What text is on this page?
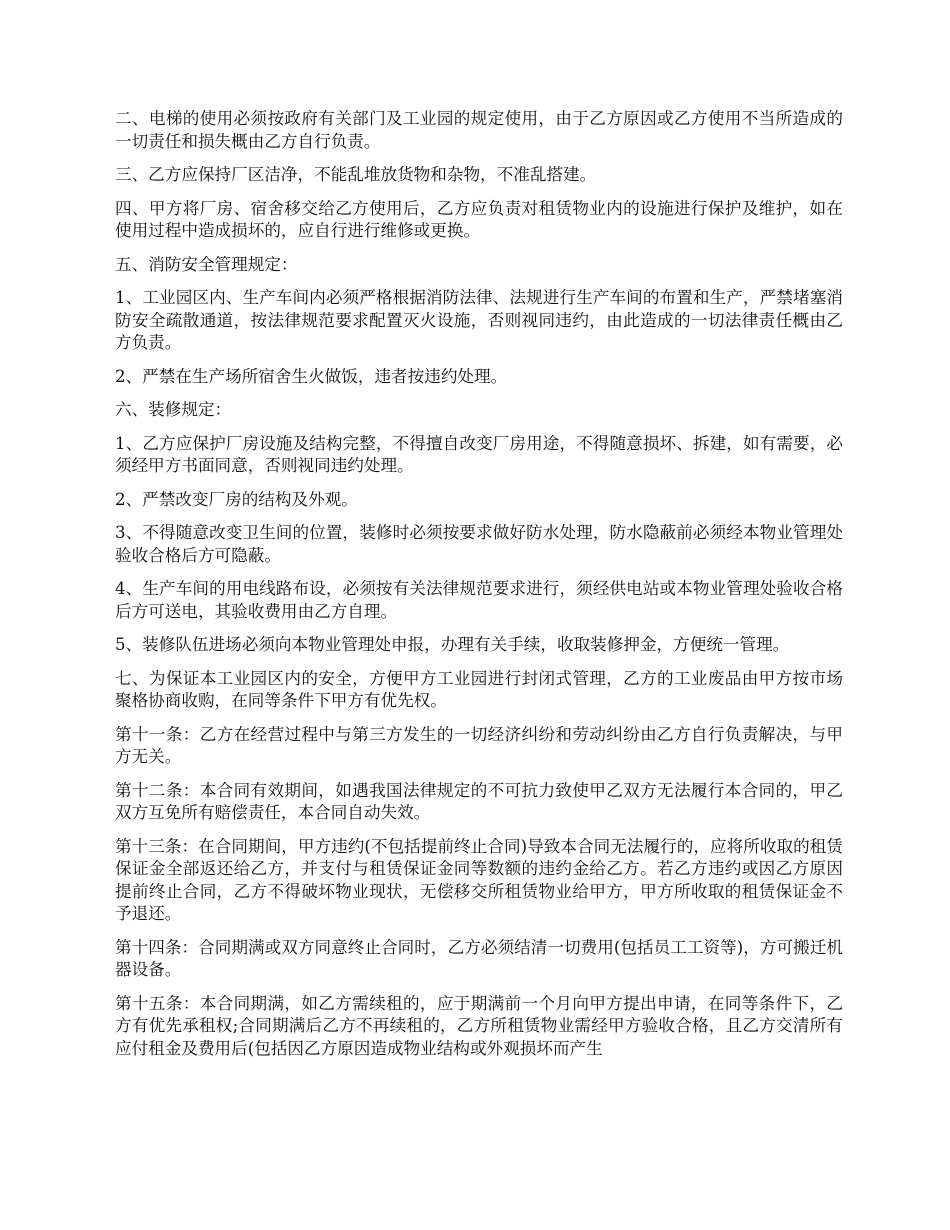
二、电梯的使用必须按政府有关部门及工业园的规定使用，由于乙方原因或乙方使用不当所造成的一切责任和损失概由乙方自行负责。

三、乙方应保持厂区洁净，不能乱堆放货物和杂物，不准乱搭建。

四、甲方将厂房、宿舍移交给乙方使用后，乙方应负责对租赁物业内的设施进行保护及维护，如在使用过程中造成损坏的，应自行进行维修或更换。

五、消防安全管理规定：

1、工业园区内、生产车间内必须严格根据消防法律、法规进行生产车间的布置和生产，严禁堵塞消防安全疏散通道，按法律规范要求配置灭火设施，否则视同违约，由此造成的一切法律责任概由乙方负责。

2、严禁在生产场所宿舍生火做饭，违者按违约处理。

六、装修规定：

1、乙方应保护厂房设施及结构完整，不得擅自改变厂房用途，不得随意损坏、拆建，如有需要，必须经甲方书面同意，否则视同违约处理。

2、严禁改变厂房的结构及外观。

3、不得随意改变卫生间的位置，装修时必须按要求做好防水处理，防水隐蔽前必须经本物业管理处验收合格后方可隐蔽。

4、生产车间的用电线路布设，必须按有关法律规范要求进行，须经供电站或本物业管理处验收合格后方可送电，其验收费用由乙方自理。

5、装修队伍进场必须向本物业管理处申报，办理有关手续，收取装修押金，方便统一管理。

七、为保证本工业园区内的安全，方便甲方工业园进行封闭式管理，乙方的工业废品由甲方按市场聚格协商收购，在同等条件下甲方有优先权。

第十一条：乙方在经营过程中与第三方发生的一切经济纠纷和劳动纠纷由乙方自行负责解决，与甲方无关。

第十二条：本合同有效期间，如遇我国法律规定的不可抗力致使甲乙双方无法履行本合同的，甲乙双方互免所有赔偿责任，本合同自动失效。

第十三条：在合同期间，甲方违约(不包括提前终止合同)导致本合同无法履行的，应将所收取的租赁保证金全部返还给乙方，并支付与租赁保证金同等数额的违约金给乙方。若乙方违约或因乙方原因提前终止合同，乙方不得破坏物业现状，无偿移交所租赁物业给甲方，甲方所收取的租赁保证金不予退还。

第十四条：合同期满或双方同意终止合同时，乙方必须结清一切费用(包括员工工资等)，方可搬迁机器设备。

第十五条：本合同期满，如乙方需续租的，应于期满前一个月向甲方提出申请，在同等条件下，乙方有优先承租权;合同期满后乙方不再续租的，乙方所租赁物业需经甲方验收合格，且乙方交清所有应付租金及费用后(包括因乙方原因造成物业结构或外观损坏而产生
